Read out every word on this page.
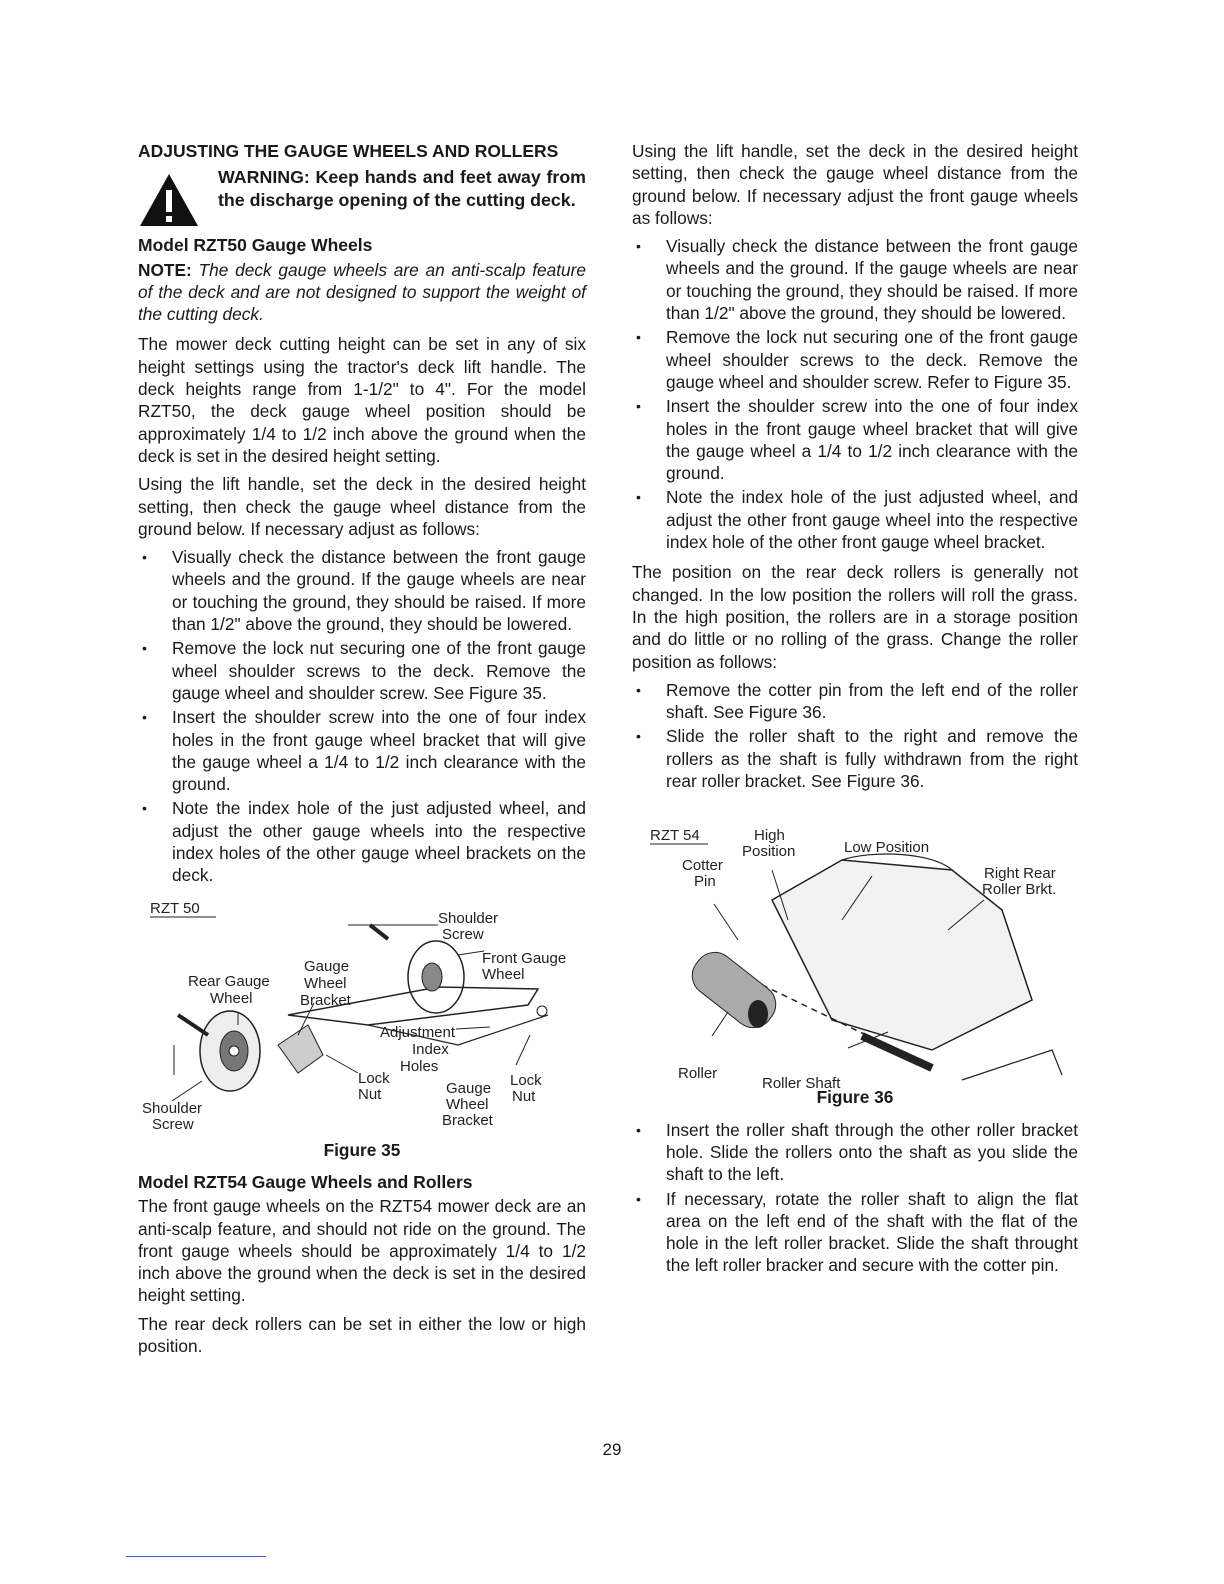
ADJUSTING THE GAUGE WHEELS AND ROLLERS
WARNING: Keep hands and feet away from the discharge opening of the cutting deck.
Model RZT50 Gauge Wheels
NOTE: The deck gauge wheels are an anti-scalp feature of the deck and are not designed to support the weight of the cutting deck.

The mower deck cutting height can be set in any of six height settings using the tractor's deck lift handle. The deck heights range from 1-1/2" to 4". For the model RZT50, the deck gauge wheel position should be approximately 1/4 to 1/2 inch above the ground when the deck is set in the desired height setting.

Using the lift handle, set the deck in the desired height setting, then check the gauge wheel distance from the ground below. If necessary adjust as follows:

• Visually check the distance between the front gauge wheels and the ground. If the gauge wheels are near or touching the ground, they should be raised. If more than 1/2" above the ground, they should be lowered.
• Remove the lock nut securing one of the front gauge wheel shoulder screws to the deck. Remove the gauge wheel and shoulder screw. See Figure 35.
• Insert the shoulder screw into the one of four index holes in the front gauge wheel bracket that will give the gauge wheel a 1/4 to 1/2 inch clearance with the ground.
• Note the index hole of the just adjusted wheel, and adjust the other gauge wheels into the respective index holes of the other gauge wheel brackets on the deck.
RZT 50
Shoulder
Screw
Front Gauge
Wheel
Gauge
Wheel
Bracket
Rear Gauge
Wheel
Adjustment
Index
Holes
Lock
Nut	Gauge
Wheel
Bracket
Lock
Nut
Shoulder
Screw
Figure 35
Model RZT54 Gauge Wheels and Rollers

The front gauge wheels on the RZT54 mower deck are an anti-scalp feature, and should not ride on the ground. The front gauge wheels should be approximately 1/4 to 1/2 inch above the ground when the deck is set in the desired height setting.

The rear deck rollers can be set in either the low or high position.

Using the lift handle, set the deck in the desired height setting, then check the gauge wheel distance from the ground below. If necessary adjust the front gauge wheels as follows:

• Visually check the distance between the front gauge wheels and the ground. If the gauge wheels are near or touching the ground, they should be raised. If more than 1/2" above the ground, they should be lowered.
• Remove the lock nut securing one of the front gauge wheel shoulder screws to the deck. Remove the gauge wheel and shoulder screw. Refer to Figure 35.
• Insert the shoulder screw into the one of four index holes in the front gauge wheel bracket that will give the gauge wheel a 1/4 to 1/2 inch clearance with the ground.
• Note the index hole of the just adjusted wheel, and adjust the other front gauge wheel into the respective index hole of the other front gauge wheel bracket.

The position on the rear deck rollers is generally not changed. In the low position the rollers will roll the grass. In the high position, the rollers are in a storage position and do little or no rolling of the grass. Change the roller position as follows:

• Remove the cotter pin from the left end of the roller shaft. See Figure 36.
• Slide the roller shaft to the right and remove the rollers as the shaft is fully withdrawn from the right rear roller bracket. See Figure 36.
RZT 54	High
Position	Low Position
Cotter
Pin	Right Rear
Roller Brkt.
Roller
Roller Shaft
Figure 36
• Insert the roller shaft through the other roller bracket hole. Slide the rollers onto the shaft as you slide the shaft to the left.
• If necessary, rotate the roller shaft to align the flat area on the left end of the shaft with the flat of the hole in the left roller bracket. Slide the shaft throught the left roller bracker and secure with the cotter pin.
29
